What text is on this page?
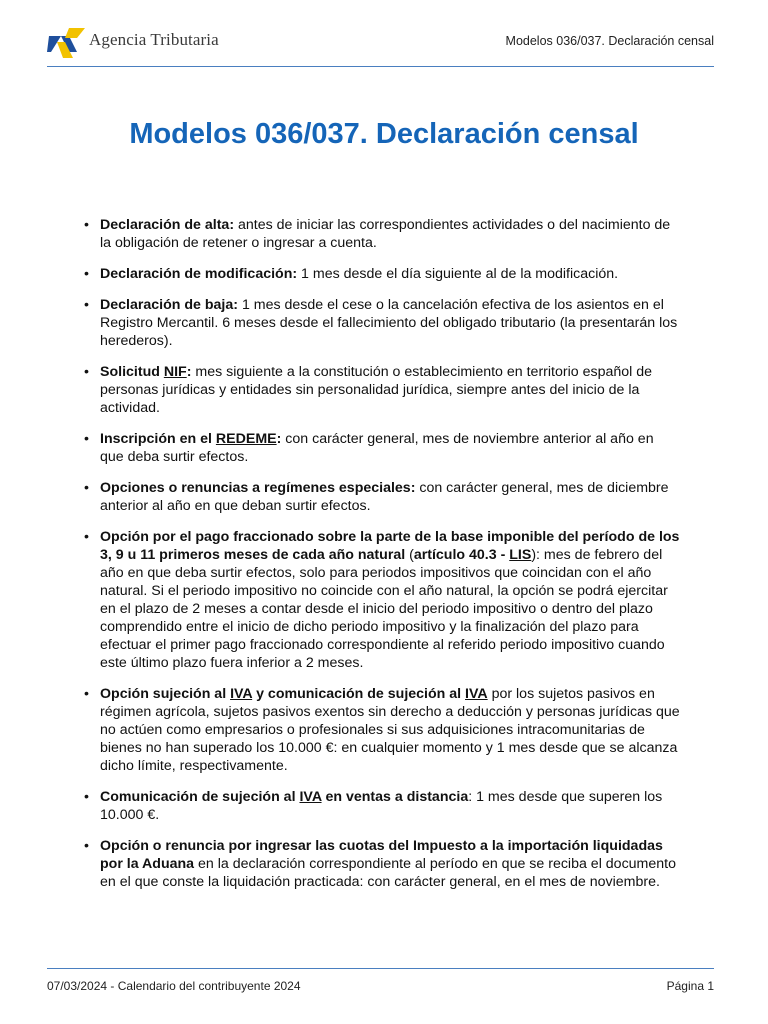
Agencia Tributaria	Modelos 036/037. Declaración censal
Modelos 036/037. Declaración censal
• Declaración de alta: antes de iniciar las correspondientes actividades o del nacimiento de la obligación de retener o ingresar a cuenta.
• Declaración de modificación: 1 mes desde el día siguiente al de la modificación.
• Declaración de baja: 1 mes desde el cese o la cancelación efectiva de los asientos en el Registro Mercantil. 6 meses desde el fallecimiento del obligado tributario (la presentarán los herederos).
• Solicitud NIF: mes siguiente a la constitución o establecimiento en territorio español de personas jurídicas y entidades sin personalidad jurídica, siempre antes del inicio de la actividad.
• Inscripción en el REDEME: con carácter general, mes de noviembre anterior al año en que deba surtir efectos.
• Opciones o renuncias a regímenes especiales: con carácter general, mes de diciembre anterior al año en que deban surtir efectos.
• Opción por el pago fraccionado sobre la parte de la base imponible del período de los 3, 9 u 11 primeros meses de cada año natural (artículo 40.3 - LIS): mes de febrero del año en que deba surtir efectos, solo para periodos impositivos que coincidan con el año natural. Si el periodo impositivo no coincide con el año natural, la opción se podrá ejercitar en el plazo de 2 meses a contar desde el inicio del periodo impositivo o dentro del plazo comprendido entre el inicio de dicho periodo impositivo y la finalización del plazo para efectuar el primer pago fraccionado correspondiente al referido periodo impositivo cuando este último plazo fuera inferior a 2 meses.
• Opción sujeción al IVA y comunicación de sujeción al IVA por los sujetos pasivos en régimen agrícola, sujetos pasivos exentos sin derecho a deducción y personas jurídicas que no actúen como empresarios o profesionales si sus adquisiciones intracomunitarias de bienes no han superado los 10.000 €: en cualquier momento y 1 mes desde que se alcanza dicho límite, respectivamente.
• Comunicación de sujeción al IVA en ventas a distancia: 1 mes desde que superen los 10.000 €.
• Opción o renuncia por ingresar las cuotas del Impuesto a la importación liquidadas por la Aduana en la declaración correspondiente al período en que se reciba el documento en el que conste la liquidación practicada: con carácter general, en el mes de noviembre.
07/03/2024 - Calendario del contribuyente 2024	Página 1
